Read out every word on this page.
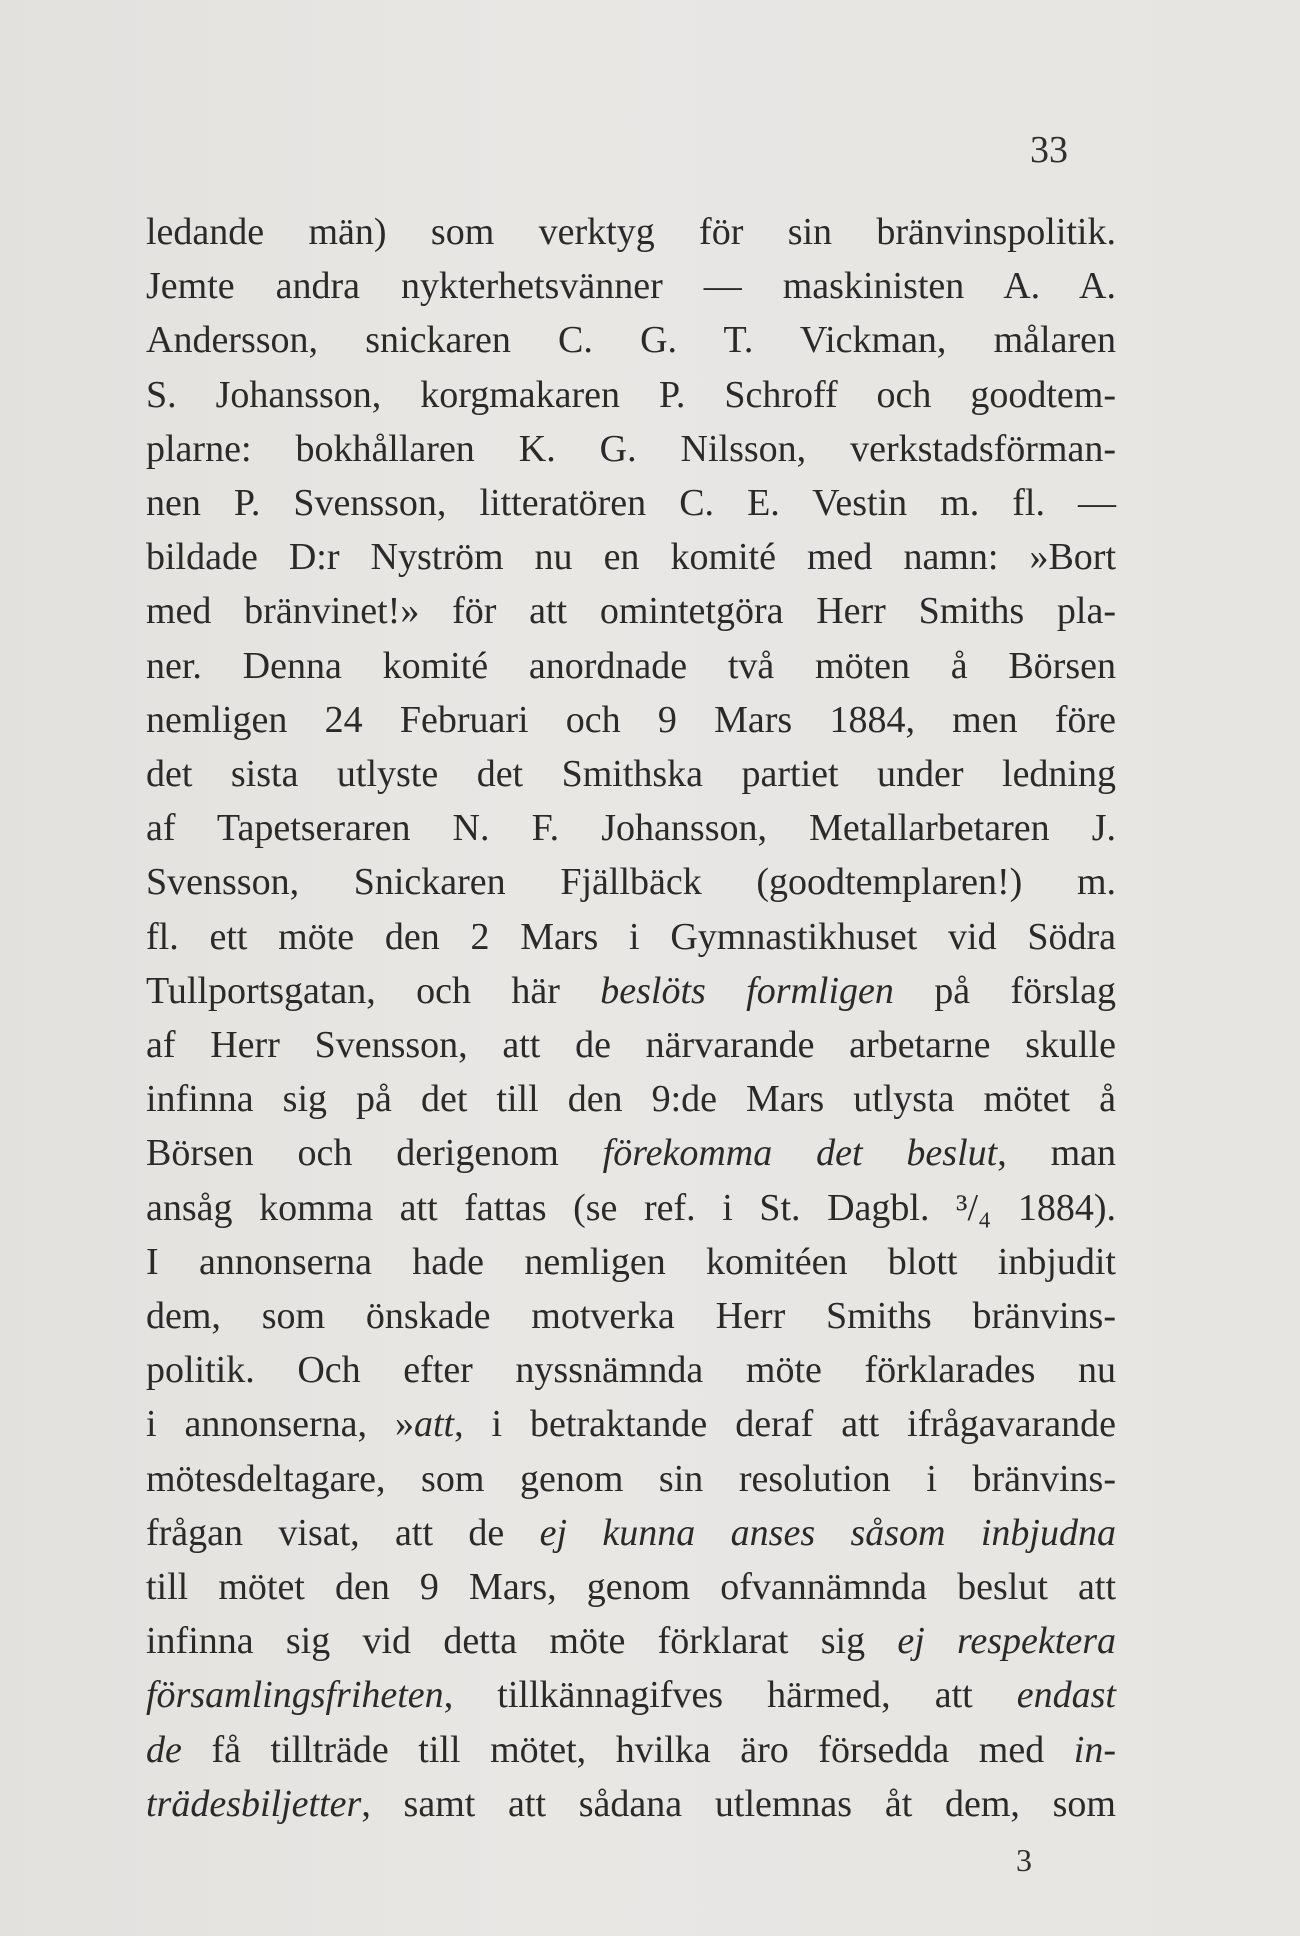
33
ledande män) som verktyg för sin bränvinspolitik.
Jemte andra nykterhetsvänner — maskinisten A. A.
Andersson, snickaren C. G. T. Vickman, målaren
S. Johansson, korgmakaren P. Schroff och goodtem-
plarne: bokhållaren K. G. Nilsson, verkstadsförman-
nen P. Svensson, litteratören C. E. Vestin m. fl. —
bildade D:r Nyström nu en komité med namn: »Bort
med bränvinet!» för att omintetgöra Herr Smiths pla-
ner. Denna komité anordnade två möten å Börsen
nemligen 24 Februari och 9 Mars 1884, men före
det sista utlyste det Smithska partiet under ledning
af Tapetseraren N. F. Johansson, Metallarbetaren J.
Svensson, Snickaren Fjällbäck (goodtemplaren!) m.
fl. ett möte den 2 Mars i Gymnastikhuset vid Södra
Tullportsgatan, och här beslöts formligen på förslag
af Herr Svensson, att de närvarande arbetarne skulle
infinna sig på det till den 9:de Mars utlysta mötet å
Börsen och derigenom förekomma det beslut, man
ansåg komma att fattas (se ref. i St. Dagbl. ³/₄ 1884).
I annonserna hade nemligen komitéen blott inbjudit
dem, som önskade motverka Herr Smiths bränvins-
politik. Och efter nyssnämnda möte förklarades nu
i annonserna, »att, i betraktande deraf att ifrågavarande
mötesdeltagare, som genom sin resolution i bränvins-
frågan visat, att de ej kunna anses såsom inbjudna
till mötet den 9 Mars, genom ofvannämnda beslut att
infinna sig vid detta möte förklarat sig ej respektera
församlingsfriheten, tillkännagifves härmed, att endast
de få tillträde till mötet, hvilka äro försedda med in-
trädesbiljetter, samt att sådana utlemnas åt dem, som
3
